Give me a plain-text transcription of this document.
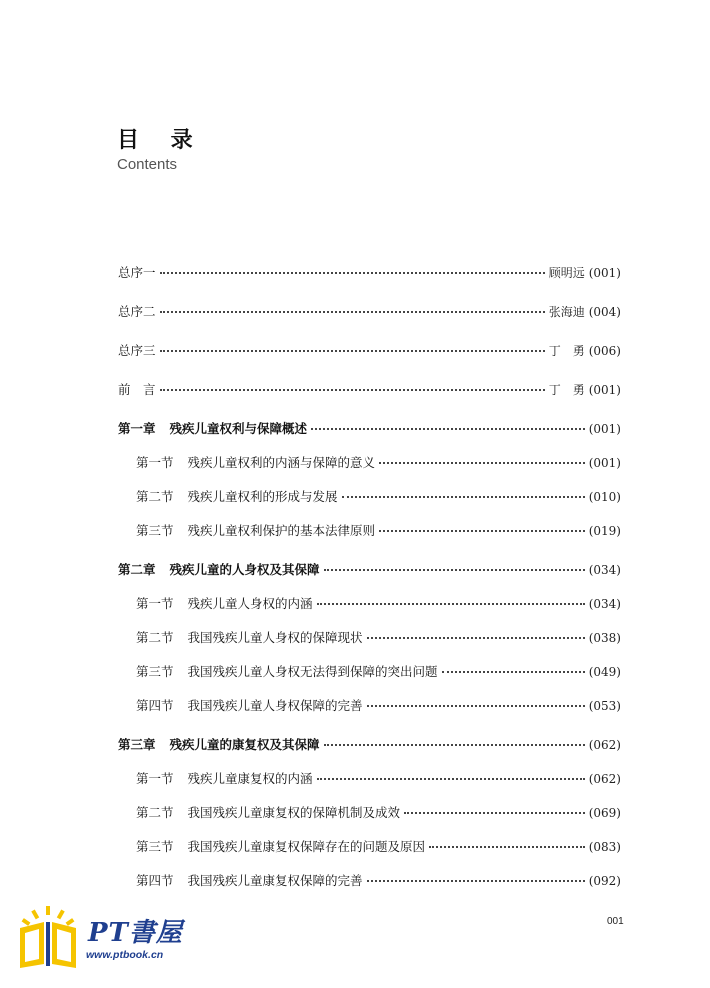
目 录
Contents
总序一	顾明远 (001)
总序二	张海迪 (004)
总序三	丁　勇 (006)
前　言	丁　勇 (001)
第一章 残疾儿童权利与保障概述	(001)
第一节 残疾儿童权利的内涵与保障的意义	(001)
第二节 残疾儿童权利的形成与发展	(010)
第三节 残疾儿童权利保护的基本法律原则	(019)
第二章 残疾儿童的人身权及其保障	(034)
第一节 残疾儿童人身权的内涵	(034)
第二节 我国残疾儿童人身权的保障现状	(038)
第三节 我国残疾儿童人身权无法得到保障的突出问题	(049)
第四节 我国残疾儿童人身权保障的完善	(053)
第三章 残疾儿童的康复权及其保障	(062)
第一节 残疾儿童康复权的内涵	(062)
第二节 我国残疾儿童康复权的保障机制及成效	(069)
第三节 我国残疾儿童康复权保障存在的问题及原因	(083)
第四节 我国残疾儿童康复权保障的完善	(092)
001
PT書屋
www.ptbook.cn
